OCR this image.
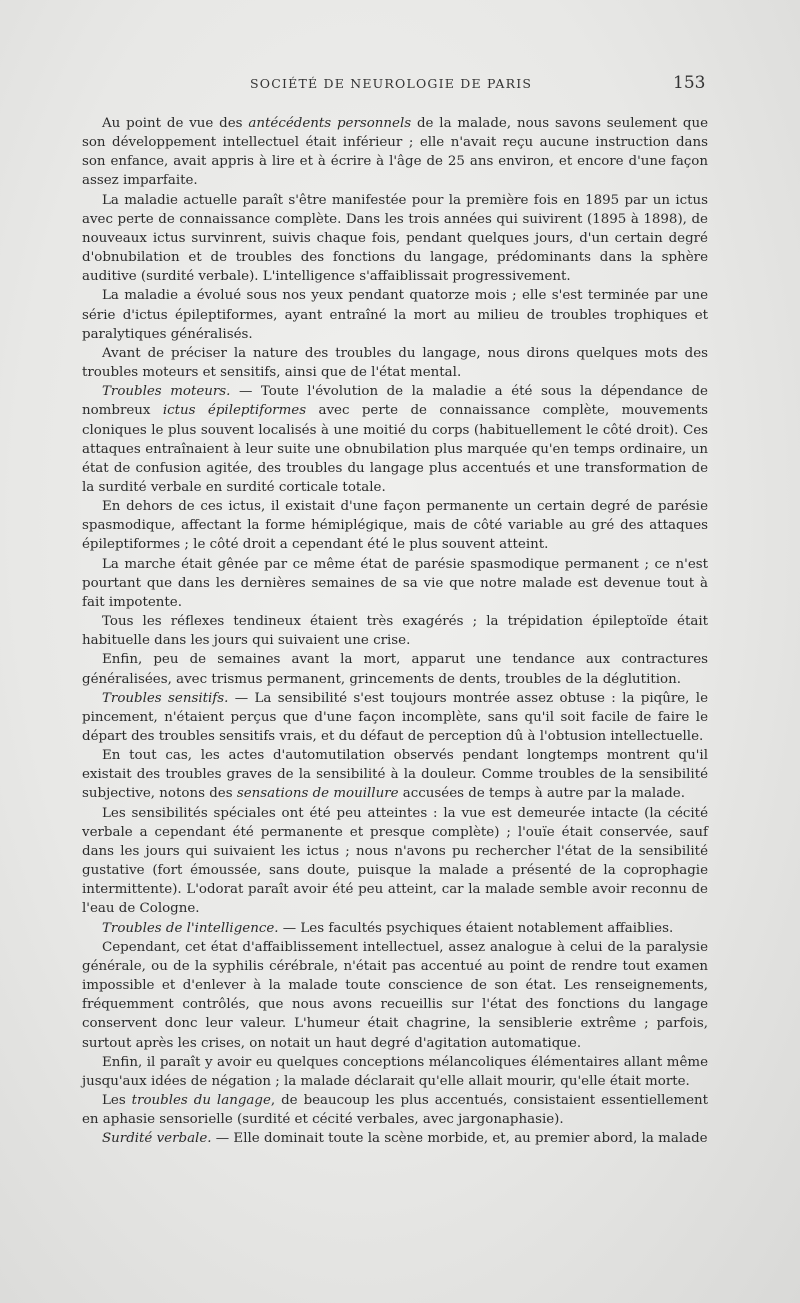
SOCIÉTÉ DE NEUROLOGIE DE PARIS	153

Au point de vue des antécédents personnels de la malade, nous savons seulement que son développement intellectuel était inférieur ; elle n'avait reçu aucune instruction dans son enfance, avait appris à lire et à écrire à l'âge de 25 ans environ, et encore d'une façon assez imparfaite.

La maladie actuelle paraît s'être manifestée pour la première fois en 1895 par un ictus avec perte de connaissance complète. Dans les trois années qui suivirent (1895 à 1898), de nouveaux ictus survinrent, suivis chaque fois, pendant quelques jours, d'un certain degré d'obnubilation et de troubles des fonctions du langage, prédominants dans la sphère auditive (surdité verbale). L'intelligence s'affaiblissait progressivement.

La maladie a évolué sous nos yeux pendant quatorze mois ; elle s'est terminée par une série d'ictus épileptiformes, ayant entraîné la mort au milieu de troubles trophiques et paralytiques généralisés.

Avant de préciser la nature des troubles du langage, nous dirons quelques mots des troubles moteurs et sensitifs, ainsi que de l'état mental.

Troubles moteurs. — Toute l'évolution de la maladie a été sous la dépendance de nombreux ictus épileptiformes avec perte de connaissance complète, mouvements cloniques le plus souvent localisés à une moitié du corps (habituellement le côté droit). Ces attaques entraînaient à leur suite une obnubilation plus marquée qu'en temps ordinaire, un état de confusion agitée, des troubles du langage plus accentués et une transformation de la surdité verbale en surdité corticale totale.

En dehors de ces ictus, il existait d'une façon permanente un certain degré de parésie spasmodique, affectant la forme hémiplégique, mais de côté variable au gré des attaques épileptiformes ; le côté droit a cependant été le plus souvent atteint.

La marche était gênée par ce même état de parésie spasmodique permanent ; ce n'est pourtant que dans les dernières semaines de sa vie que notre malade est devenue tout à fait impotente.

Tous les réflexes tendineux étaient très exagérés ; la trépidation épileptoïde était habituelle dans les jours qui suivaient une crise.

Enfin, peu de semaines avant la mort, apparut une tendance aux contractures généralisées, avec trismus permanent, grincements de dents, troubles de la déglutition.

Troubles sensitifs. — La sensibilité s'est toujours montrée assez obtuse : la piqûre, le pincement, n'étaient perçus que d'une façon incomplète, sans qu'il soit facile de faire le départ des troubles sensitifs vrais, et du défaut de perception dû à l'obtusion intellectuelle.

En tout cas, les actes d'automutilation observés pendant longtemps montrent qu'il existait des troubles graves de la sensibilité à la douleur. Comme troubles de la sensibilité subjective, notons des sensations de mouillure accusées de temps à autre par la malade.

Les sensibilités spéciales ont été peu atteintes : la vue est demeurée intacte (la cécité verbale a cependant été permanente et presque complète) ; l'ouïe était conservée, sauf dans les jours qui suivaient les ictus ; nous n'avons pu rechercher l'état de la sensibilité gustative (fort émoussée, sans doute, puisque la malade a présenté de la coprophagie intermittente). L'odorat paraît avoir été peu atteint, car la malade semble avoir reconnu de l'eau de Cologne.

Troubles de l'intelligence. — Les facultés psychiques étaient notablement affaiblies.

Cependant, cet état d'affaiblissement intellectuel, assez analogue à celui de la paralysie générale, ou de la syphilis cérébrale, n'était pas accentué au point de rendre tout examen impossible et d'enlever à la malade toute conscience de son état. Les renseignements, fréquemment contrôlés, que nous avons recueillis sur l'état des fonctions du langage conservent donc leur valeur. L'humeur était chagrine, la sensiblerie extrême ; parfois, surtout après les crises, on notait un haut degré d'agitation automatique.

Enfin, il paraît y avoir eu quelques conceptions mélancoliques élémentaires allant même jusqu'aux idées de négation ; la malade déclarait qu'elle allait mourir, qu'elle était morte.

Les troubles du langage, de beaucoup les plus accentués, consistaient essentiellement en aphasie sensorielle (surdité et cécité verbales, avec jargonaphasie).

Surdité verbale. — Elle dominait toute la scène morbide, et, au premier abord, la malade
